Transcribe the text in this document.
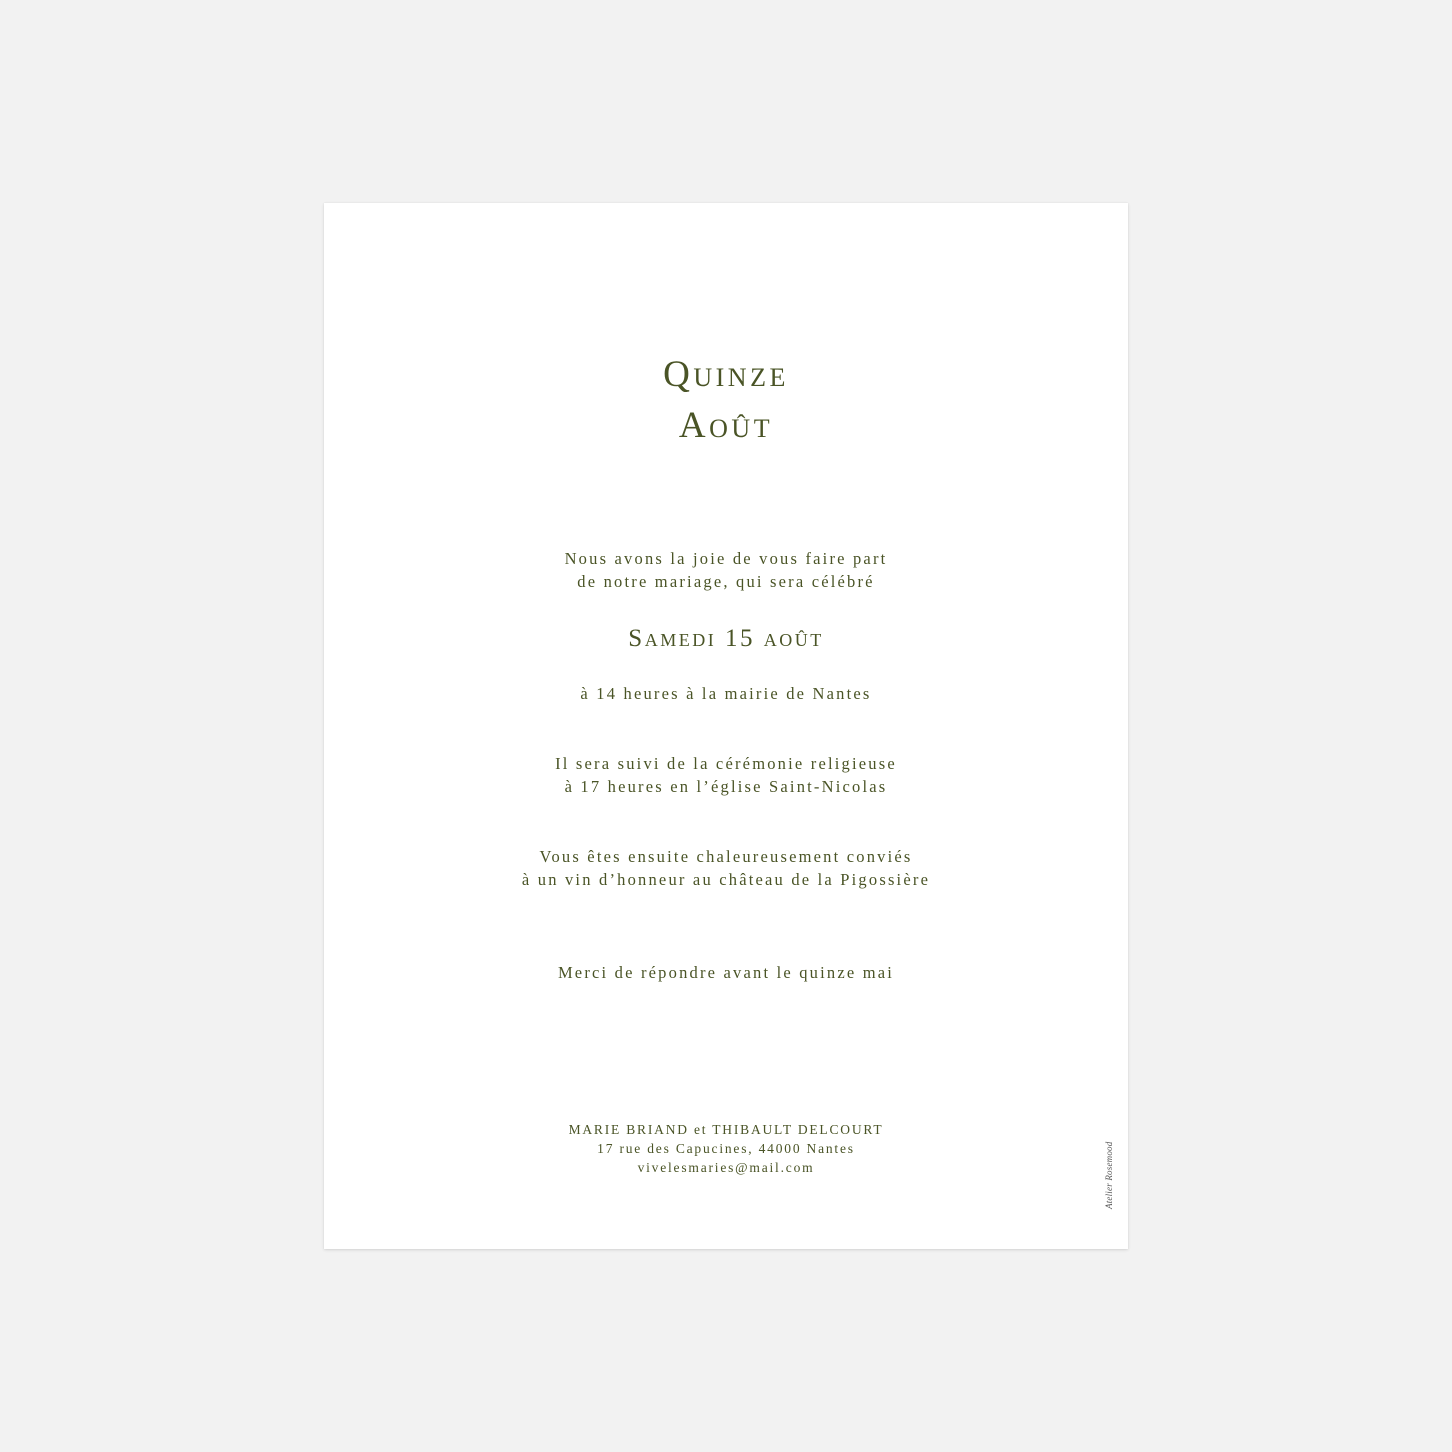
Quinze
Août
Nous avons la joie de vous faire part
de notre mariage, qui sera célébré
Samedi 15 août
à 14 heures à la mairie de Nantes
Il sera suivi de la cérémonie religieuse
à 17 heures en l’église Saint-Nicolas
Vous êtes ensuite chaleureusement conviés
à un vin d’honneur au château de la Pigossière
Merci de répondre avant le quinze mai
MARIE BRIAND et THIBAULT DELCOURT
17 rue des Capucines, 44000 Nantes
vivelesmaries@mail.com	Atelier Rosemood
